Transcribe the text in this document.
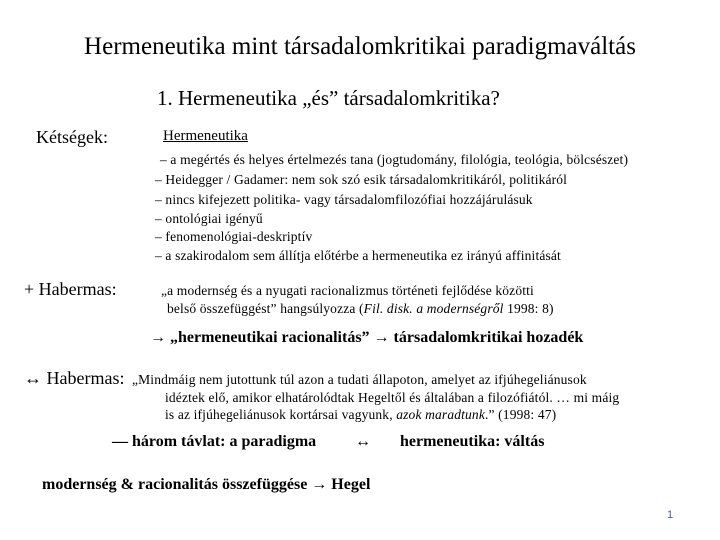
Hermeneutika mint társadalomkritikai paradigmaváltás
1. Hermeneutika „és” társadalomkritika?
Kétségek:	Hermeneutika
– a megértés és helyes értelmezés tana (jogtudomány, filológia, teológia, bölcsészet)
– Heidegger / Gadamer: nem sok szó esik társadalomkritikáról, politikáról
– nincs kifejezett politika- vagy társadalomfilozófiai hozzájárulásuk
– ontológiai igényű
– fenomenológiai-deskriptív
– a szakirodalom sem állítja előtérbe a hermeneutika ez irányú affinitását
+ Habermas:	„a modernség és a nyugati racionalizmus történeti fejlődése közötti
belső összefüggést” hangsúlyozza (Fil. disk. a modernségről 1998: 8)
→ „hermeneutikai racionalitás” → társadalomkritikai hozadék
↔ Habermas: „Mindmáig nem jutottunk túl azon a tudati állapoton, amelyet az ifjúhegeliánusok
idéztek elő, amikor elhatárolódtak Hegeltől és általában a filozófiától. … mi máig
is az ifjúhegeliánusok kortársai vagyunk, azok maradtunk.” (1998: 47)
— három távlat: a paradigma ↔ hermeneutika: váltás
modernség & racionalitás összefüggése → Hegel
1
